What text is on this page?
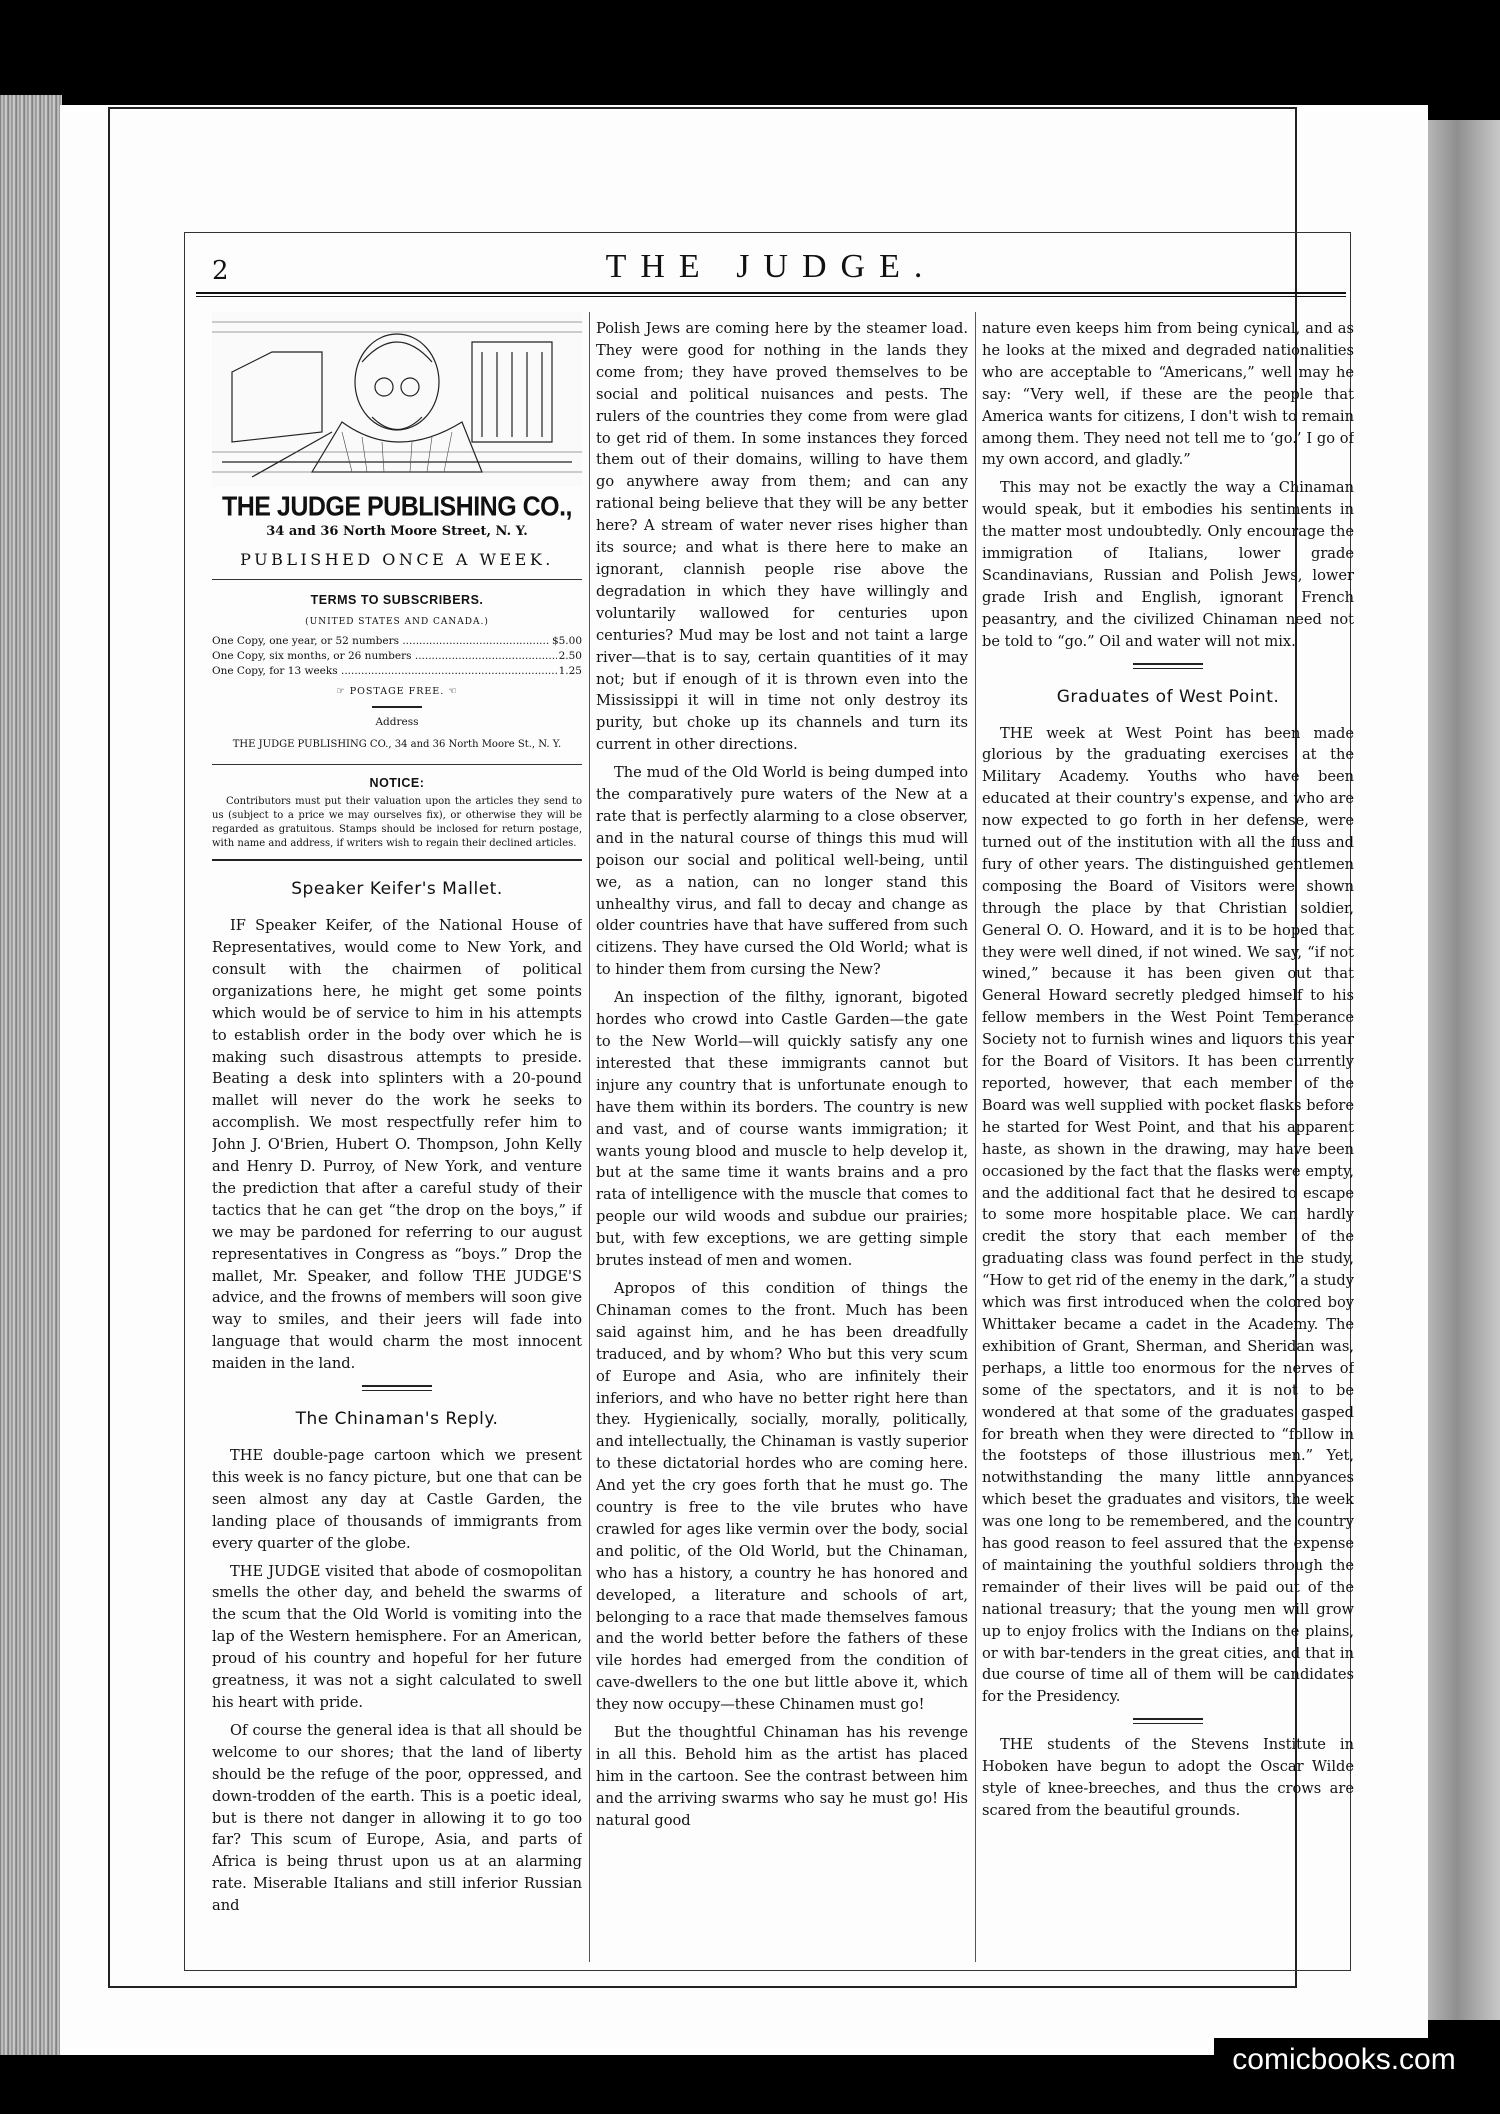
2	THE JUDGE.
THE JUDGE PUBLISHING CO.,
34 and 36 North Moore Street, N. Y.
PUBLISHED ONCE A WEEK.
TERMS TO SUBSCRIBERS.
(UNITED STATES AND CANADA.)
One Copy, one year, or 52 numbers .....	$5.00
One Copy, six months, or 26 numbers .....	2.50
One Copy, for 13 weeks .....	1.25
☞ POSTAGE FREE. ☜
Address
THE JUDGE PUBLISHING CO., 34 and 36 North Moore St., N. Y.
NOTICE:
Contributors must put their valuation upon the articles they send to us (subject to a price we may ourselves fix), or otherwise they will be regarded as gratuitous. Stamps should be inclosed for return postage, with name and address, if writers wish to regain their declined articles.
Speaker Keifer's Mallet.

IF Speaker Keifer, of the National House of Representatives, would come to New York, and consult with the chairmen of political organizations here, he might get some points which would be of service to him in his attempts to establish order in the body over which he is making such disastrous attempts to preside. Beating a desk into splinters with a 20-pound mallet will never do the work he seeks to accomplish. We most respectfully refer him to John J. O'Brien, Hubert O. Thompson, John Kelly and Henry D. Purroy, of New York, and venture the prediction that after a careful study of their tactics that he can get “the drop on the boys,” if we may be pardoned for referring to our august representatives in Congress as “boys.” Drop the mallet, Mr. Speaker, and follow THE JUDGE'S advice, and the frowns of members will soon give way to smiles, and their jeers will fade into language that would charm the most innocent maiden in the land.

The Chinaman's Reply.

THE double-page cartoon which we present this week is no fancy picture, but one that can be seen almost any day at Castle Garden, the landing place of thousands of immigrants from every quarter of the globe.

THE JUDGE visited that abode of cosmopolitan smells the other day, and beheld the swarms of the scum that the Old World is vomiting into the lap of the Western hemisphere. For an American, proud of his country and hopeful for her future greatness, it was not a sight calculated to swell his heart with pride.

Of course the general idea is that all should be welcome to our shores; that the land of liberty should be the refuge of the poor, oppressed, and down-trodden of the earth. This is a poetic ideal, but is there not danger in allowing it to go too far? This scum of Europe, Asia, and parts of Africa is being thrust upon us at an alarming rate. Miserable Italians and still inferior Russian and

Polish Jews are coming here by the steamer load. They were good for nothing in the lands they come from; they have proved themselves to be social and political nuisances and pests. The rulers of the countries they come from were glad to get rid of them. In some instances they forced them out of their domains, willing to have them go anywhere away from them; and can any rational being believe that they will be any better here? A stream of water never rises higher than its source; and what is there here to make an ignorant, clannish people rise above the degradation in which they have willingly and voluntarily wallowed for centuries upon centuries? Mud may be lost and not taint a large river—that is to say, certain quantities of it may not; but if enough of it is thrown even into the Mississippi it will in time not only destroy its purity, but choke up its channels and turn its current in other directions.

The mud of the Old World is being dumped into the comparatively pure waters of the New at a rate that is perfectly alarming to a close observer, and in the natural course of things this mud will poison our social and political well-being, until we, as a nation, can no longer stand this unhealthy virus, and fall to decay and change as older countries have that have suffered from such citizens. They have cursed the Old World; what is to hinder them from cursing the New?

An inspection of the filthy, ignorant, bigoted hordes who crowd into Castle Garden—the gate to the New World—will quickly satisfy any one interested that these immigrants cannot but injure any country that is unfortunate enough to have them within its borders. The country is new and vast, and of course wants immigration; it wants young blood and muscle to help develop it, but at the same time it wants brains and a pro rata of intelligence with the muscle that comes to people our wild woods and subdue our prairies; but, with few exceptions, we are getting simple brutes instead of men and women.

Apropos of this condition of things the Chinaman comes to the front. Much has been said against him, and he has been dreadfully traduced, and by whom? Who but this very scum of Europe and Asia, who are infinitely their inferiors, and who have no better right here than they. Hygienically, socially, morally, politically, and intellectually, the Chinaman is vastly superior to these dictatorial hordes who are coming here. And yet the cry goes forth that he must go. The country is free to the vile brutes who have crawled for ages like vermin over the body, social and politic, of the Old World, but the Chinaman, who has a history, a country he has honored and developed, a literature and schools of art, belonging to a race that made themselves famous and the world better before the fathers of these vile hordes had emerged from the condition of cave-dwellers to the one but little above it, which they now occupy—these Chinamen must go!

But the thoughtful Chinaman has his revenge in all this. Behold him as the artist has placed him in the cartoon. See the contrast between him and the arriving swarms who say he must go! His natural good

nature even keeps him from being cynical, and as he looks at the mixed and degraded nationalities who are acceptable to “Americans,” well may he say: “Very well, if these are the people that America wants for citizens, I don't wish to remain among them. They need not tell me to ‘go.’ I go of my own accord, and gladly.”

This may not be exactly the way a Chinaman would speak, but it embodies his sentiments in the matter most undoubtedly. Only encourage the immigration of Italians, lower grade Scandinavians, Russian and Polish Jews, lower grade Irish and English, ignorant French peasantry, and the civilized Chinaman need not be told to “go.” Oil and water will not mix.

Graduates of West Point.

THE week at West Point has been made glorious by the graduating exercises at the Military Academy. Youths who have been educated at their country's expense, and who are now expected to go forth in her defense, were turned out of the institution with all the fuss and fury of other years. The distinguished gentlemen composing the Board of Visitors were shown through the place by that Christian soldier, General O. O. Howard, and it is to be hoped that they were well dined, if not wined. We say, “if not wined,” because it has been given out that General Howard secretly pledged himself to his fellow members in the West Point Temperance Society not to furnish wines and liquors this year for the Board of Visitors. It has been currently reported, however, that each member of the Board was well supplied with pocket flasks before he started for West Point, and that his apparent haste, as shown in the drawing, may have been occasioned by the fact that the flasks were empty, and the additional fact that he desired to escape to some more hospitable place. We can hardly credit the story that each member of the graduating class was found perfect in the study, “How to get rid of the enemy in the dark,” a study which was first introduced when the colored boy Whittaker became a cadet in the Academy. The exhibition of Grant, Sherman, and Sheridan was, perhaps, a little too enormous for the nerves of some of the spectators, and it is not to be wondered at that some of the graduates gasped for breath when they were directed to “follow in the footsteps of those illustrious men.” Yet, notwithstanding the many little annoyances which beset the graduates and visitors, the week was one long to be remembered, and the country has good reason to feel assured that the expense of maintaining the youthful soldiers through the remainder of their lives will be paid out of the national treasury; that the young men will grow up to enjoy frolics with the Indians on the plains, or with bar-tenders in the great cities, and that in due course of time all of them will be candidates for the Presidency.

THE students of the Stevens Institute in Hoboken have begun to adopt the Oscar Wilde style of knee-breeches, and thus the crows are scared from the beautiful grounds.

comicbooks.com
